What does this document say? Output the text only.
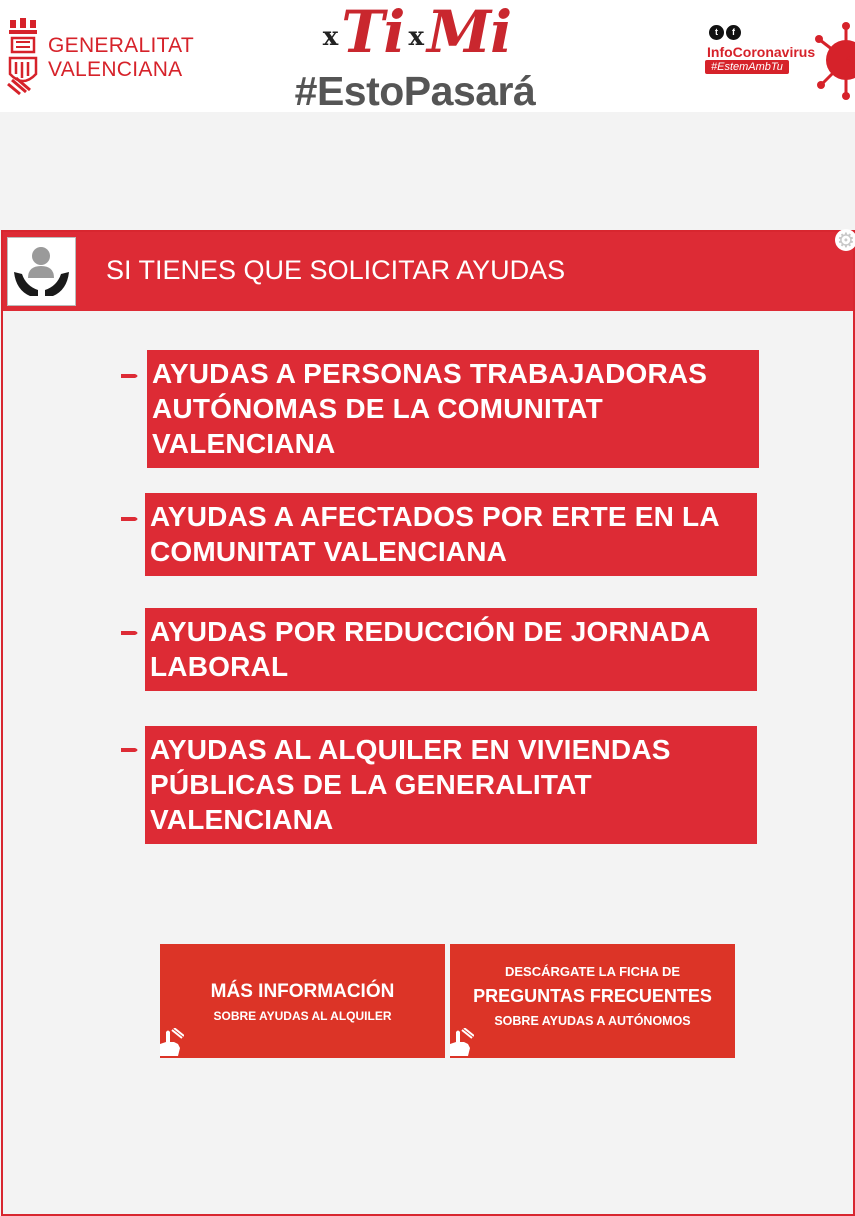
GENERALITAT
VALENCIANA
xTi xMi
#EstoPasará
t f
InfoCoronavirus
#EstemAmbTu
SI TIENES QUE SOLICITAR AYUDAS
⚙
AYUDAS A PERSONAS TRABAJADORAS AUTÓNOMAS DE LA COMUNITAT VALENCIANA
AYUDAS A AFECTADOS POR ERTE EN LA COMUNITAT VALENCIANA
AYUDAS POR REDUCCIÓN DE JORNADA LABORAL
AYUDAS AL ALQUILER EN VIVIENDAS PÚBLICAS DE LA GENERALITAT VALENCIANA
MÁS INFORMACIÓN
SOBRE AYUDAS AL ALQUILER
DESCÁRGATE LA FICHA DE
PREGUNTAS FRECUENTES
SOBRE AYUDAS A AUTÓNOMOS
